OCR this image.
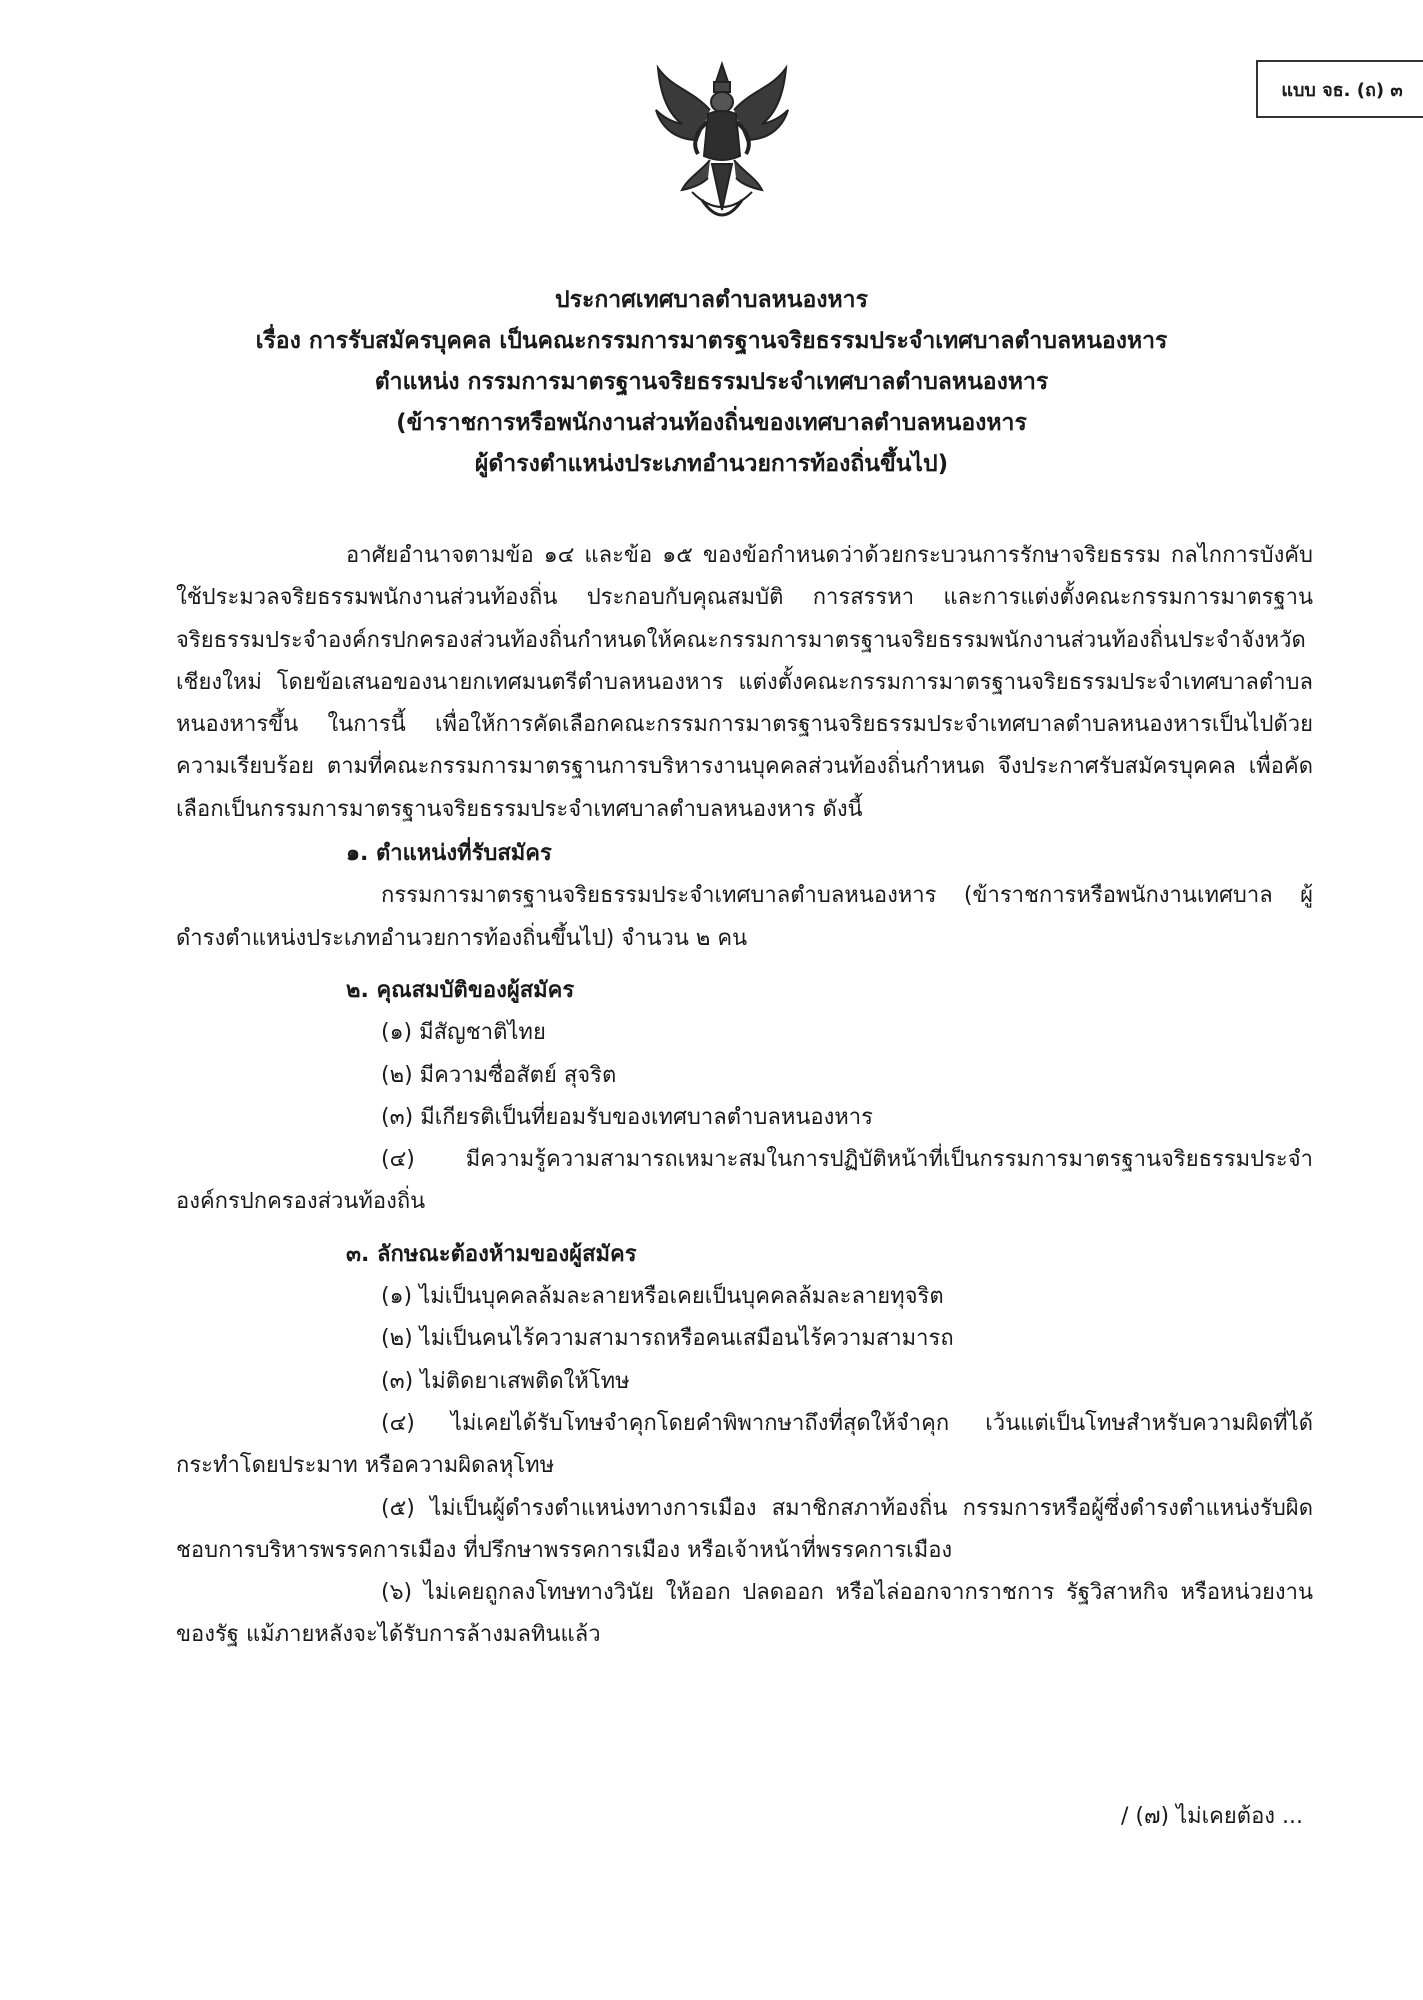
แบบ จธ. (ถ) ๓
ประกาศเทศบาลตำบลหนองหาร
เรื่อง การรับสมัครบุคคล เป็นคณะกรรมการมาตรฐานจริยธรรมประจำเทศบาลตำบลหนองหาร
ตำแหน่ง กรรมการมาตรฐานจริยธรรมประจำเทศบาลตำบลหนองหาร
(ข้าราชการหรือพนักงานส่วนท้องถิ่นของเทศบาลตำบลหนองหาร
ผู้ดำรงตำแหน่งประเภทอำนวยการท้องถิ่นขึ้นไป)
อาศัยอำนาจตามข้อ ๑๔ และข้อ ๑๕ ของข้อกำหนดว่าด้วยกระบวนการรักษาจริยธรรม กลไกการบังคับใช้ประมวลจริยธรรมพนักงานส่วนท้องถิ่น ประกอบกับคุณสมบัติ การสรรหา และการแต่งตั้งคณะกรรมการมาตรฐานจริยธรรมประจำองค์กรปกครองส่วนท้องถิ่นกำหนดให้คณะกรรมการมาตรฐานจริยธรรมพนักงานส่วนท้องถิ่นประจำจังหวัดเชียงใหม่ โดยข้อเสนอของนายกเทศมนตรีตำบลหนองหาร แต่งตั้งคณะกรรมการมาตรฐานจริยธรรมประจำเทศบาลตำบลหนองหารขึ้น ในการนี้ เพื่อให้การคัดเลือกคณะกรรมการมาตรฐานจริยธรรมประจำเทศบาลตำบลหนองหารเป็นไปด้วยความเรียบร้อย ตามที่คณะกรรมการมาตรฐานการบริหารงานบุคคลส่วนท้องถิ่นกำหนด จึงประกาศรับสมัครบุคคล เพื่อคัดเลือกเป็นกรรมการมาตรฐานจริยธรรมประจำเทศบาลตำบลหนองหาร ดังนี้
๑. ตำแหน่งที่รับสมัคร
กรรมการมาตรฐานจริยธรรมประจำเทศบาลตำบลหนองหาร (ข้าราชการหรือพนักงานเทศบาล ผู้ดำรงตำแหน่งประเภทอำนวยการท้องถิ่นขึ้นไป) จำนวน ๒ คน
๒. คุณสมบัติของผู้สมัคร
(๑) มีสัญชาติไทย
(๒) มีความซื่อสัตย์ สุจริต
(๓) มีเกียรติเป็นที่ยอมรับของเทศบาลตำบลหนองหาร
(๔) มีความรู้ความสามารถเหมาะสมในการปฏิบัติหน้าที่เป็นกรรมการมาตรฐานจริยธรรมประจำองค์กรปกครองส่วนท้องถิ่น
๓. ลักษณะต้องห้ามของผู้สมัคร
(๑) ไม่เป็นบุคคลล้มละลายหรือเคยเป็นบุคคลล้มละลายทุจริต
(๒) ไม่เป็นคนไร้ความสามารถหรือคนเสมือนไร้ความสามารถ
(๓) ไม่ติดยาเสพติดให้โทษ
(๔) ไม่เคยได้รับโทษจำคุกโดยคำพิพากษาถึงที่สุดให้จำคุก เว้นแต่เป็นโทษสำหรับความผิดที่ได้กระทำโดยประมาท หรือความผิดลหุโทษ
(๕) ไม่เป็นผู้ดำรงตำแหน่งทางการเมือง สมาชิกสภาท้องถิ่น กรรมการหรือผู้ซึ่งดำรงตำแหน่งรับผิดชอบการบริหารพรรคการเมือง ที่ปรึกษาพรรคการเมือง หรือเจ้าหน้าที่พรรคการเมือง
(๖) ไม่เคยถูกลงโทษทางวินัย ให้ออก ปลดออก หรือไล่ออกจากราชการ รัฐวิสาหกิจ หรือหน่วยงานของรัฐ แม้ภายหลังจะได้รับการล้างมลทินแล้ว
/ (๗) ไม่เคยต้อง ...
